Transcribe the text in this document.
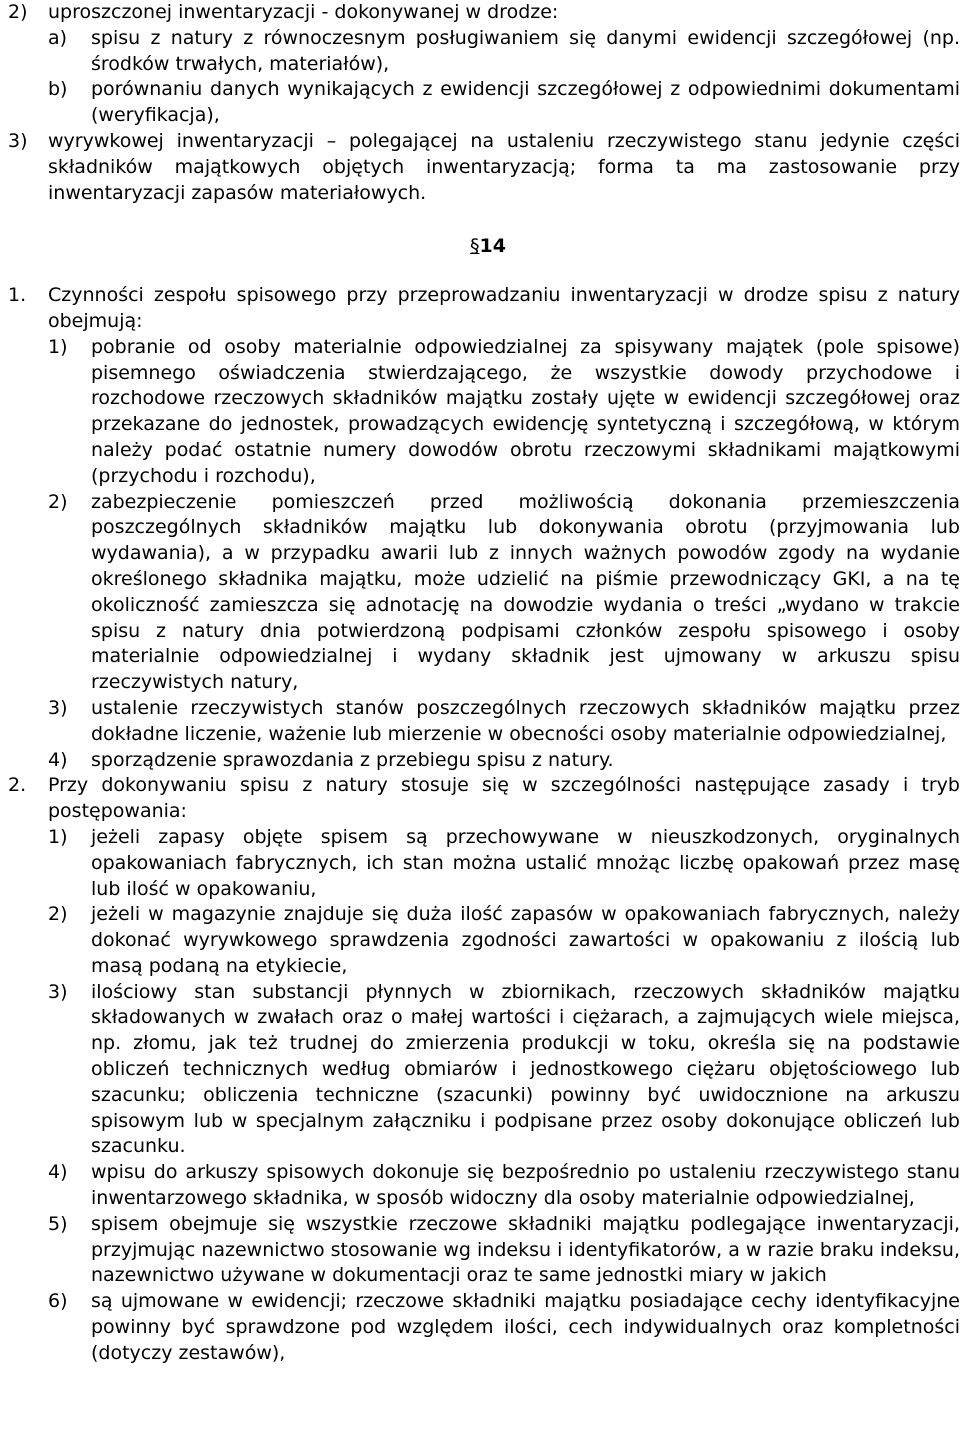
2) uproszczonej inwentaryzacji - dokonywanej w drodze:
a) spisu z natury z równoczesnym posługiwaniem się danymi ewidencji szczegółowej (np. środków trwałych, materiałów),
b) porównaniu danych wynikających z ewidencji szczegółowej z odpowiednimi dokumentami (weryfikacja),
3) wyrywkowej inwentaryzacji – polegającej na ustaleniu rzeczywistego stanu jedynie części składników majątkowych objętych inwentaryzacją; forma ta ma zastosowanie przy inwentaryzacji zapasów materiałowych.
§14
1. Czynności zespołu spisowego przy przeprowadzaniu inwentaryzacji w drodze spisu z natury obejmują:
1) pobranie od osoby materialnie odpowiedzialnej za spisywany majątek (pole spisowe) pisemnego oświadczenia stwierdzającego, że wszystkie dowody przychodowe i rozchodowe rzeczowych składników majątku zostały ujęte w ewidencji szczegółowej oraz przekazane do jednostek, prowadzących ewidencję syntetyczną i szczegółową, w którym należy podać ostatnie numery dowodów obrotu rzeczowymi składnikami majątkowymi (przychodu i rozchodu),
2) zabezpieczenie pomieszczeń przed możliwością dokonania przemieszczenia poszczególnych składników majątku lub dokonywania obrotu (przyjmowania lub wydawania), a w przypadku awarii lub z innych ważnych powodów zgody na wydanie określonego składnika majątku, może udzielić na piśmie przewodniczący GKI, a na tę okoliczność zamieszcza się adnotację na dowodzie wydania o treści „wydano w trakcie spisu z natury dnia potwierdzoną podpisami członków zespołu spisowego i osoby materialnie odpowiedzialnej i wydany składnik jest ujmowany w arkuszu spisu rzeczywistych natury,
3) ustalenie rzeczywistych stanów poszczególnych rzeczowych składników majątku przez dokładne liczenie, ważenie lub mierzenie w obecności osoby materialnie odpowiedzialnej,
4) sporządzenie sprawozdania z przebiegu spisu z natury.
2. Przy dokonywaniu spisu z natury stosuje się w szczególności następujące zasady i tryb postępowania:
1) jeżeli zapasy objęte spisem są przechowywane w nieuszkodzonych, oryginalnych opakowaniach fabrycznych, ich stan można ustalić mnożąc liczbę opakowań przez masę lub ilość w opakowaniu,
2) jeżeli w magazynie znajduje się duża ilość zapasów w opakowaniach fabrycznych, należy dokonać wyrywkowego sprawdzenia zgodności zawartości w opakowaniu z ilością lub masą podaną na etykiecie,
3) ilościowy stan substancji płynnych w zbiornikach, rzeczowych składników majątku składowanych w zwałach oraz o małej wartości i ciężarach, a zajmujących wiele miejsca, np. złomu, jak też trudnej do zmierzenia produkcji w toku, określa się na podstawie obliczeń technicznych według obmiarów i jednostkowego ciężaru objętościowego lub szacunku; obliczenia techniczne (szacunki) powinny być uwidocznione na arkuszu spisowym lub w specjalnym załączniku i podpisane przez osoby dokonujące obliczeń lub szacunku.
4) wpisu do arkuszy spisowych dokonuje się bezpośrednio po ustaleniu rzeczywistego stanu inwentarzowego składnika, w sposób widoczny dla osoby materialnie odpowiedzialnej,
5) spisem obejmuje się wszystkie rzeczowe składniki majątku podlegające inwentaryzacji, przyjmując nazewnictwo stosowanie wg indeksu i identyfikatorów, a w razie braku indeksu, nazewnictwo używane w dokumentacji oraz te same jednostki miary w jakich
6) są ujmowane w ewidencji; rzeczowe składniki majątku posiadające cechy identyfikacyjne powinny być sprawdzone pod względem ilości, cech indywidualnych oraz kompletności (dotyczy zestawów),
